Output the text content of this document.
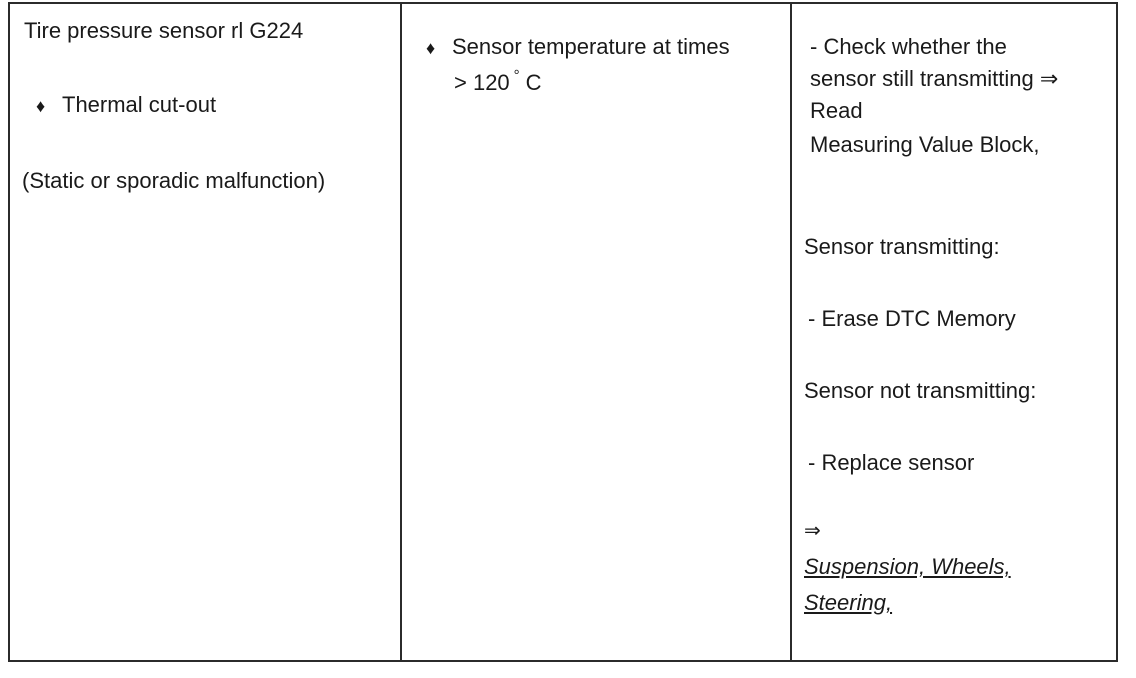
Tire pressure sensor rl G224
♦ Thermal cut-out
(Static or sporadic malfunction)
♦ Sensor temperature at times
> 120 ° C
- Check whether the
sensor still transmitting ⇒
Read
Measuring Value Block,
Sensor transmitting:
- Erase DTC Memory
Sensor not transmitting:
- Replace sensor
⇒
Suspension, Wheels,
Steering,
